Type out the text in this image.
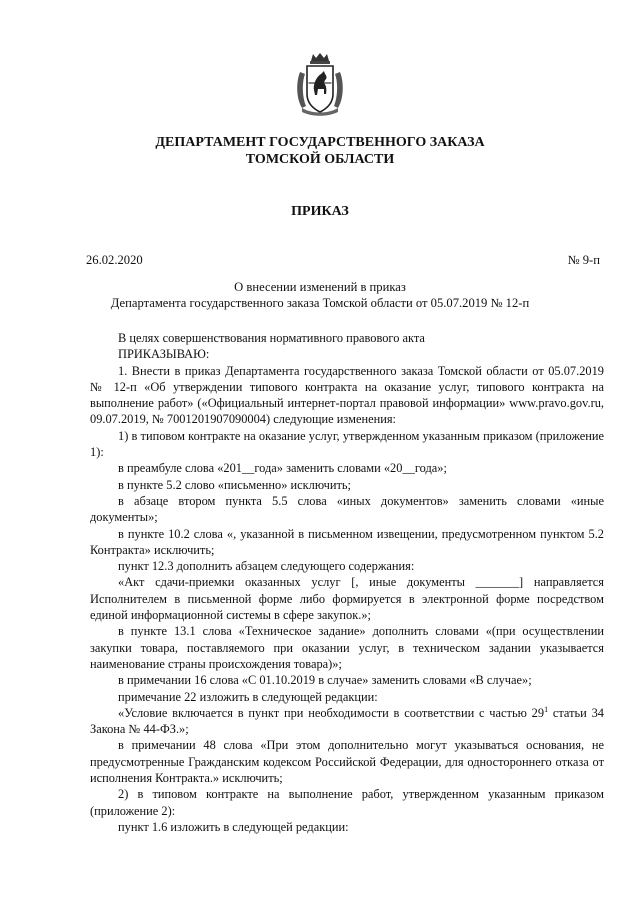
ДЕПАРТАМЕНТ ГОСУДАРСТВЕННОГО ЗАКАЗА
ТОМСКОЙ ОБЛАСТИ
ПРИКАЗ
26.02.2020	№ 9-п
О внесении изменений в приказ
Департамента государственного заказа Томской области от 05.07.2019 № 12-п

В целях совершенствования нормативного правового акта

ПРИКАЗЫВАЮ:

1. Внести в приказ Департамента государственного заказа Томской области от 05.07.2019 № 12-п «Об утверждении типового контракта на оказание услуг, типового контракта на выполнение работ» («Официальный интернет-портал правовой информации» www.pravo.gov.ru, 09.07.2019, № 7001201907090004) следующие изменения:

1) в типовом контракте на оказание услуг, утвержденном указанным приказом (приложение 1):

в преамбуле слова «201__года» заменить словами «20__года»;

в пункте 5.2 слово «письменно» исключить;

в абзаце втором пункта 5.5 слова «иных документов» заменить словами «иные документы»;

в пункте 10.2 слова «, указанной в письменном извещении, предусмотренном пунктом 5.2 Контракта» исключить;

пункт 12.3 дополнить абзацем следующего содержания:

«Акт сдачи-приемки оказанных услуг [, иные документы _______] направляется Исполнителем в письменной форме либо формируется в электронной форме посредством единой информационной системы в сфере закупок.»;

в пункте 13.1 слова «Техническое задание» дополнить словами «(при осуществлении закупки товара, поставляемого при оказании услуг, в техническом задании указывается наименование страны происхождения товара)»;

в примечании 16 слова «С 01.10.2019 в случае» заменить словами «В случае»;

примечание 22 изложить в следующей редакции:

«Условие включается в пункт при необходимости в соответствии с частью $29^1$ статьи 34 Закона № 44-ФЗ.»;

в примечании 48 слова «При этом дополнительно могут указываться основания, не предусмотренные Гражданским кодексом Российской Федерации, для одностороннего отказа от исполнения Контракта.» исключить;

2) в типовом контракте на выполнение работ, утвержденном указанным приказом (приложение 2):

пункт 1.6 изложить в следующей редакции:
